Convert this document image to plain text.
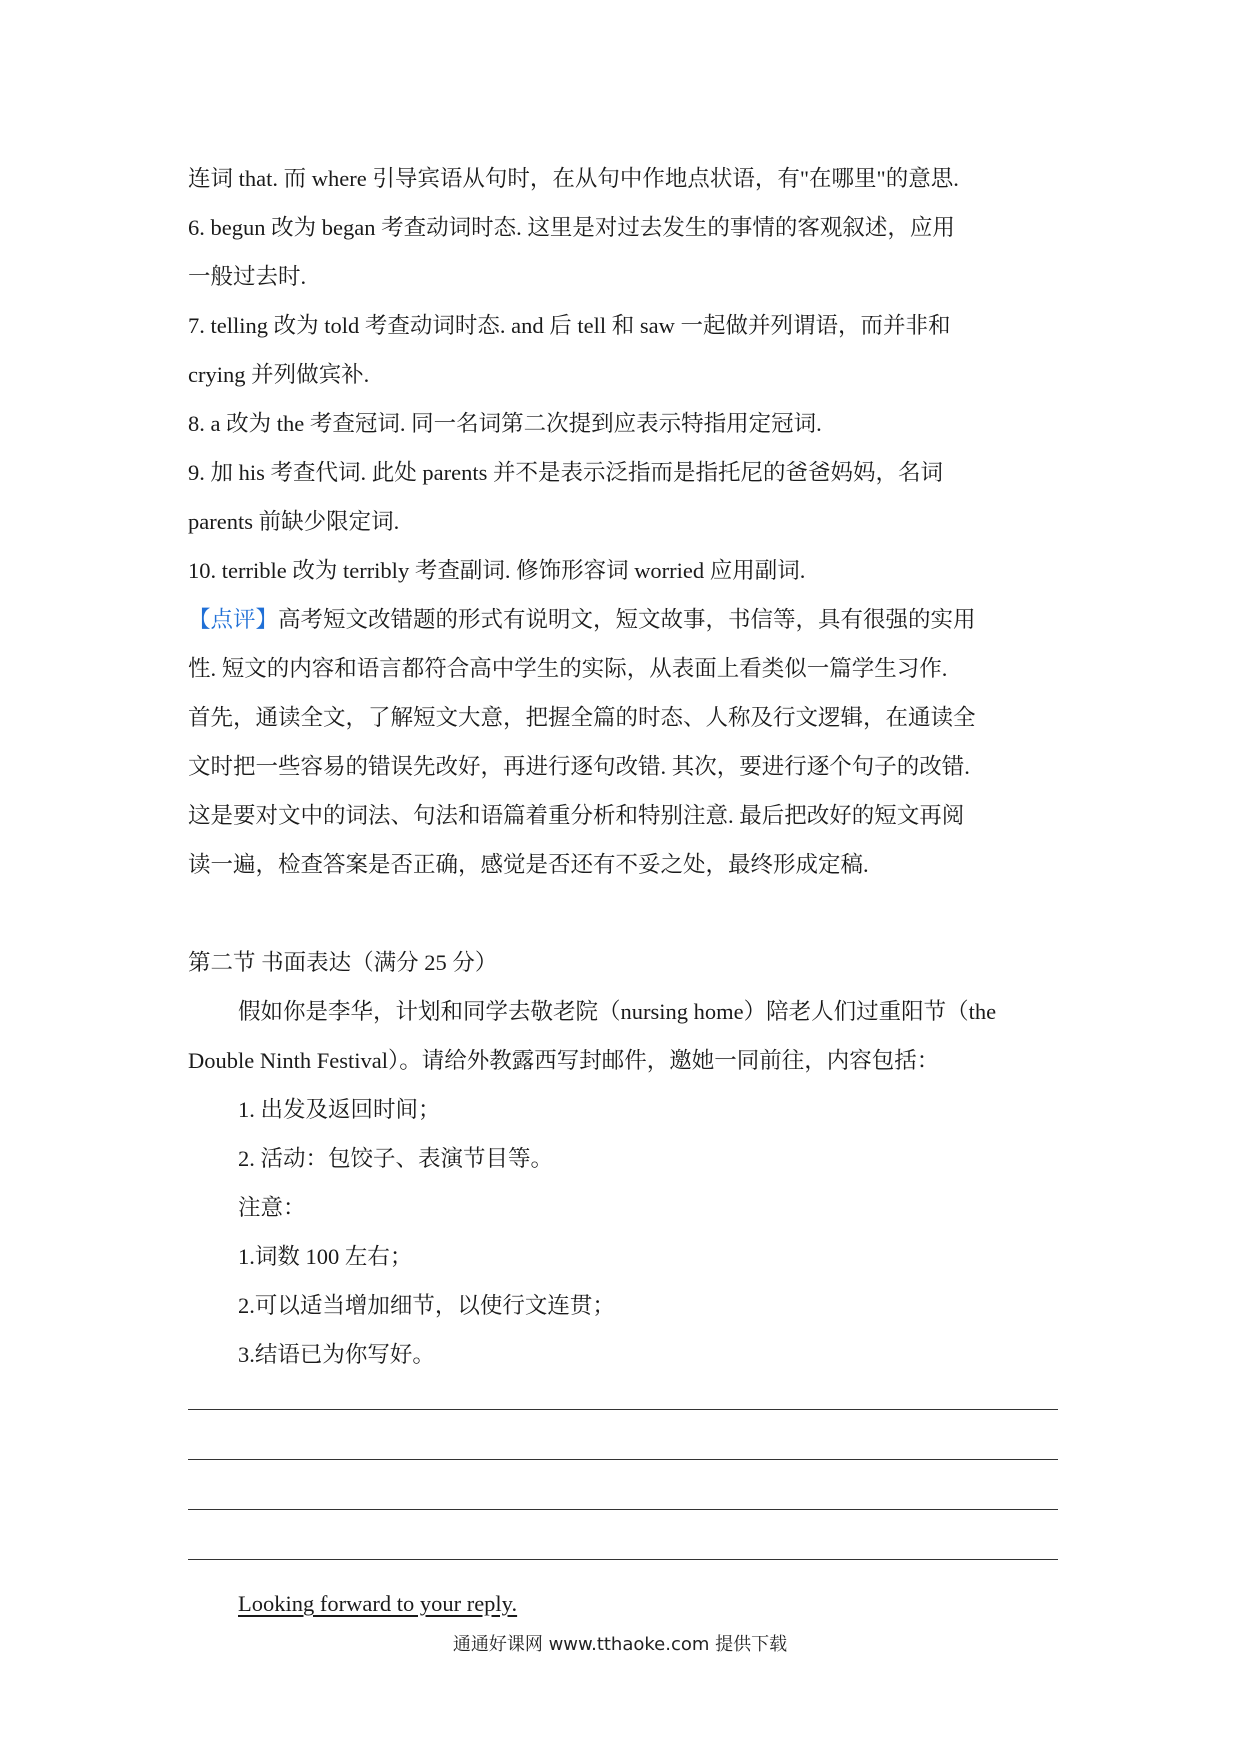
连词 that. 而 where 引导宾语从句时，在从句中作地点状语，有"在哪里"的意思.

6. begun 改为 began 考查动词时态. 这里是对过去发生的事情的客观叙述，应用

一般过去时.

7. telling 改为 told 考查动词时态. and 后 tell 和 saw 一起做并列谓语，而并非和

crying 并列做宾补.

8. a 改为 the 考查冠词. 同一名词第二次提到应表示特指用定冠词.

9. 加 his 考查代词. 此处 parents 并不是表示泛指而是指托尼的爸爸妈妈，名词

parents 前缺少限定词.

10. terrible 改为 terribly 考查副词. 修饰形容词 worried 应用副词.

【点评】高考短文改错题的形式有说明文，短文故事，书信等，具有很强的实用

性. 短文的内容和语言都符合高中学生的实际，从表面上看类似一篇学生习作.

首先，通读全文，了解短文大意，把握全篇的时态、人称及行文逻辑，在通读全

文时把一些容易的错误先改好，再进行逐句改错. 其次，要进行逐个句子的改错.

这是要对文中的词法、句法和语篇着重分析和特别注意. 最后把改好的短文再阅

读一遍，检查答案是否正确，感觉是否还有不妥之处，最终形成定稿.

第二节 书面表达（满分 25 分）

假如你是李华，计划和同学去敬老院（nursing home）陪老人们过重阳节（the

Double Ninth Festival）。请给外教露西写封邮件，邀她一同前往，内容包括：

1. 出发及返回时间；

2. 活动：包饺子、表演节目等。

注意：

1.词数 100 左右；

2.可以适当增加细节，以使行文连贯；

3.结语已为你写好。

Looking forward to your reply.

通通好课网 www.tthaoke.com 提供下载
